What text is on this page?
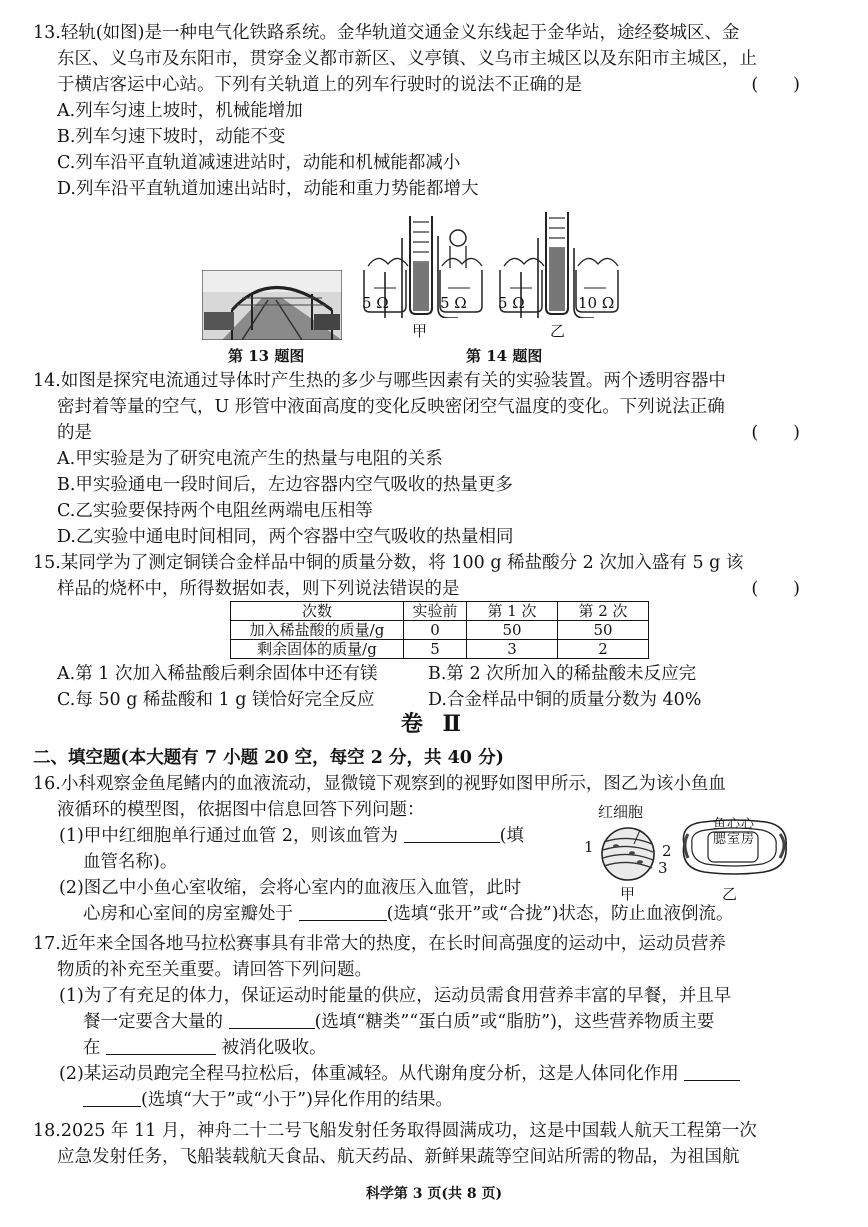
13.轻轨(如图)是一种电气化铁路系统。金华轨道交通金义东线起于金华站，途经婺城区、金
东区、义乌市及东阳市，贯穿金义都市新区、义亭镇、义乌市主城区以及东阳市主城区，止
于横店客运中心站。下列有关轨道上的列车行驶时的说法不正确的是	(　　)
A.列车匀速上坡时，机械能增加
B.列车匀速下坡时，动能不变
C.列车沿平直轨道减速进站时，动能和机械能都减小
D.列车沿平直轨道加速出站时，动能和重力势能都增大
5 Ω	5 Ω
甲
5 Ω	10 Ω
乙
第 13 题图	第 14 题图
14.如图是探究电流通过导体时产生热的多少与哪些因素有关的实验装置。两个透明容器中
密封着等量的空气，U 形管中液面高度的变化反映密闭空气温度的变化。下列说法正确
的是	(　　)
A.甲实验是为了研究电流产生的热量与电阻的关系
B.甲实验通电一段时间后，左边容器内空气吸收的热量更多
C.乙实验要保持两个电阻丝两端电压相等
D.乙实验中通电时间相同，两个容器中空气吸收的热量相同
15.某同学为了测定铜镁合金样品中铜的质量分数，将 100 g 稀盐酸分 2 次加入盛有 5 g 该
样品的烧杯中，所得数据如表，则下列说法错误的是	(　　)
次数	实验前	第 1 次	第 2 次
加入稀盐酸的质量/g	0	50	50
剩余固体的质量/g	5	3	2
A.第 1 次加入稀盐酸后剩余固体中还有镁	B.第 2 次所加入的稀盐酸未反应完
C.每 50 g 稀盐酸和 1 g 镁恰好完全反应	D.合金样品中铜的质量分数为 40%
卷 Ⅱ
二、填空题(本大题有 7 小题 20 空，每空 2 分，共 40 分)
16.小科观察金鱼尾鳍内的血液流动，显微镜下观察到的视野如图甲所示，图乙为该小鱼血
液循环的模型图，依据图中信息回答下列问题：
(1)甲中红细胞单行通过血管 2，则该血管为	(填
血管名称)。
(2)图乙中小鱼心室收缩，会将心室内的血液压入血管，此时
心房和心室间的房室瓣处于	(选填“张开”或“合拢”)状态，防止血液倒流。
红细胞
1	2
3
甲
鱼心心
腮室房
乙
17.近年来全国各地马拉松赛事具有非常大的热度，在长时间高强度的运动中，运动员营养
物质的补充至关重要。请回答下列问题。
(1)为了有充足的体力，保证运动时能量的供应，运动员需食用营养丰富的早餐，并且早
餐一定要含大量的	(选填“糖类”“蛋白质”或“脂肪”)，这些营养物质主要
在	被消化吸收。
(2)某运动员跑完全程马拉松后，体重减轻。从代谢角度分析，这是人体同化作用
(选填“大于”或“小于”)异化作用的结果。
18.2025 年 11 月，神舟二十二号飞船发射任务取得圆满成功，这是中国载人航天工程第一次
应急发射任务，飞船装载航天食品、航天药品、新鲜果蔬等空间站所需的物品，为祖国航
科学第 3 页(共 8 页)
